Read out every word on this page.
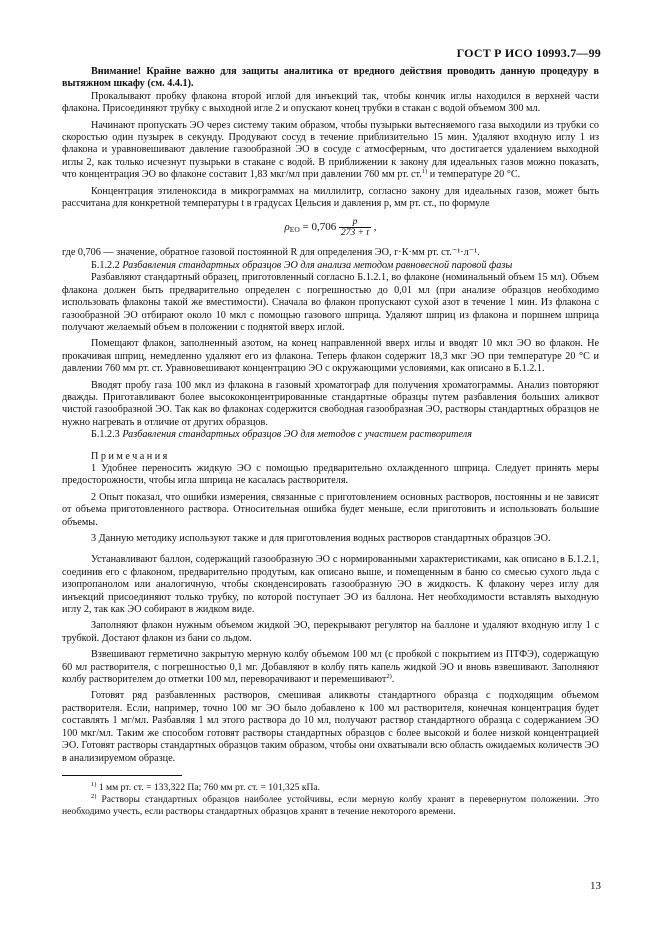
ГОСТ Р ИСО 10993.7—99

Внимание! Крайне важно для защиты аналитика от вредного действия проводить данную процедуру в вытяжном шкафу (см. 4.4.1).

Прокалывают пробку флакона второй иглой для инъекций так, чтобы кончик иглы находился в верхней части флакона. Присоединяют трубку с выходной иглe 2 и опускают конец трубки в стакан с водой объемом 300 мл.

Начинают пропускать ЭО через систему таким образом, чтобы пузырьки вытесняемого газа выходили из трубки со скоростью один пузырек в секунду. Продувают сосуд в течение приблизительно 15 мин. Удаляют входную иглу 1 из флакона и уравновешивают давление газообразной ЭО в сосуде с атмосферным, что достигается удалением выходной иглы 2, как только исчезнут пузырьки в стакане с водой. В приближении к закону для идеальных газов можно показать, что концентрация ЭО во флаконе составит 1,83 мкг/мл при давлении 760 мм рт. ст.$^{1)}$ и температуре 20 °С.

Концентрация этиленоксида в микрограммах на миллилитр, согласно закону для идеальных газов, может быть рассчитана для конкретной температуры t в градусах Цельсия и давления p, мм рт. ст., по формуле

$\rho_{EO} = 0,706 \frac{p}{273 + t}$ ,

где 0,706 — значение, обратное газовой постоянной R для определения ЭО, г·К·мм рт. ст.⁻¹·л⁻¹.

Б.1.2.2 Разбавления стандартных образцов ЭО для анализа методом равновесной паровой фазы

Разбавляют стандартный образец, приготовленный согласно Б.1.2.1, во флаконе (номинальный объем 15 мл). Объем флакона должен быть предварительно определен с погрешностью до 0,01 мл (при анализе образцов необходимо использовать флаконы такой же вместимости). Сначала во флакон пропускают сухой азот в течение 1 мин. Из флакона с газообразной ЭО отбирают около 10 мкл с помощью газового шприца. Удаляют шприц из флакона и поршнем шприца получают желаемый объем в положении с поднятой вверх иглой.

Помещают флакон, заполненный азотом, на конец направленной вверх иглы и вводят 10 мкл ЭО во флакон. Не прокачивая шприц, немедленно удаляют его из флакона. Теперь флакон содержит 18,3 мкг ЭО при температуре 20 °С и давлении 760 мм рт. ст. Уравновешивают концентрацию ЭО с окружающими условиями, как описано в Б.1.2.1.

Вводят пробу газа 100 мкл из флакона в газовый хроматограф для получения хроматограммы. Анализ повторяют дважды. Приготавливают более высококонцентрированные стандартные образцы путем разбавления больших аликвот чистой газообразной ЭО. Так как во флаконах содержится свободная газообразная ЭО, растворы стандартных образцов не нужно нагревать в отличие от других образцов.

Б.1.2.3 Разбавления стандартных образцов ЭО для методов с участием растворителя

Примечания

1 Удобнее переносить жидкую ЭО с помощью предварительно охлажденного шприца. Следует принять меры предосторожности, чтобы игла шприца не касалась растворителя.

2 Опыт показал, что ошибки измерения, связанные с приготовлением основных растворов, постоянны и не зависят от объема приготовленного раствора. Относительная ошибка будет меньше, если приготовить и использовать большие объемы.

3 Данную методику используют также и для приготовления водных растворов стандартных образцов ЭО.

Устанавливают баллон, содержащий газообразную ЭО с нормированными характеристиками, как описано в Б.1.2.1, соединив его с флаконом, предварительно продутым, как описано выше, и помещенным в баню со смесью сухого льда с изопропанолом или аналогичную, чтобы сконденсировать газообразную ЭО в жидкость. К флакону через иглу для инъекций присоединяют только трубку, по которой поступает ЭО из баллона. Нет необходимости вставлять выходную иглу 2, так как ЭО собирают в жидком виде.

Заполняют флакон нужным объемом жидкой ЭО, перекрывают регулятор на баллоне и удаляют входную иглу 1 с трубкой. Достают флакон из бани со льдом.

Взвешивают герметично закрытую мерную колбу объемом 100 мл (с пробкой с покрытием из ПТФЭ), содержащую 60 мл растворителя, с погрешностью 0,1 мг. Добавляют в колбу пять капель жидкой ЭО и вновь взвешивают. Заполняют колбу растворителем до отметки 100 мл, переворачивают и перемешивают$^{2)}$.

Готовят ряд разбавленных растворов, смешивая аликвоты стандартного образца с подходящим объемом растворителя. Если, например, точно 100 мг ЭО было добавлено к 100 мл растворителя, конечная концентрация будет составлять 1 мг/мл. Разбавляя 1 мл этого раствора до 10 мл, получают раствор стандартного образца с содержанием ЭО 100 мкг/мл. Таким же способом готовят растворы стандартных образцов с более высокой и более низкой концентрацией ЭО. Готовят растворы стандартных образцов таким образом, чтобы они охватывали всю область ожидаемых количеств ЭО в анализируемом образце.

$^{1)}$ 1 мм рт. ст. = 133,322 Па; 760 мм рт. ст. = 101,325 кПа.

$^{2)}$ Растворы стандартных образцов наиболее устойчивы, если мерную колбу хранят в перевернутом положении. Это необходимо учесть, если растворы стандартных образцов хранят в течение некоторого времени.

13
